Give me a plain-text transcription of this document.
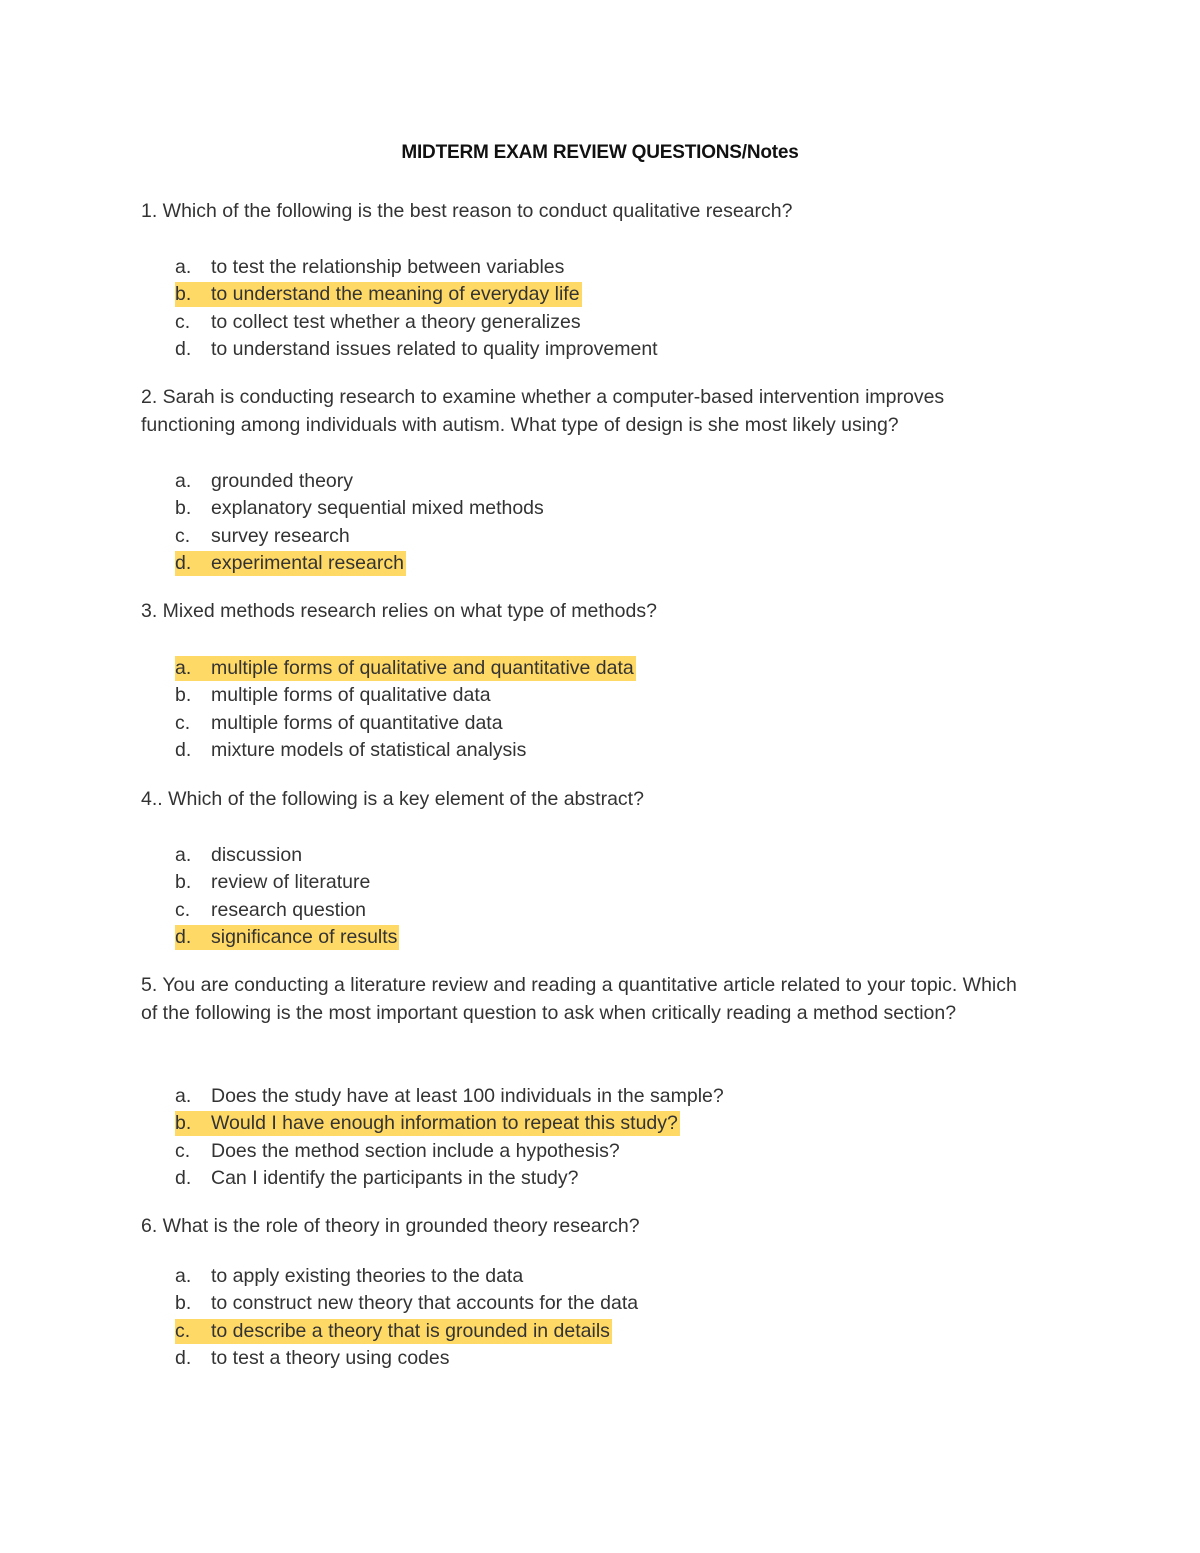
MIDTERM EXAM REVIEW QUESTIONS/Notes
1. Which of the following is the best reason to conduct qualitative research?
a. to test the relationship between variables
b. to understand the meaning of everyday life
c. to collect test whether a theory generalizes
d. to understand issues related to quality improvement
2. Sarah is conducting research to examine whether a computer-based intervention improves functioning among individuals with autism. What type of design is she most likely using?
a. grounded theory
b. explanatory sequential mixed methods
c. survey research
d. experimental research
3. Mixed methods research relies on what type of methods?
a. multiple forms of qualitative and quantitative data
b. multiple forms of qualitative data
c. multiple forms of quantitative data
d. mixture models of statistical analysis
4.. Which of the following is a key element of the abstract?
a. discussion
b. review of literature
c. research question
d. significance of results
5. You are conducting a literature review and reading a quantitative article related to your topic. Which of the following is the most important question to ask when critically reading a method section?
a. Does the study have at least 100 individuals in the sample?
b. Would I have enough information to repeat this study?
c. Does the method section include a hypothesis?
d. Can I identify the participants in the study?
6. What is the role of theory in grounded theory research?
a. to apply existing theories to the data
b. to construct new theory that accounts for the data
c. to describe a theory that is grounded in details
d. to test a theory using codes
